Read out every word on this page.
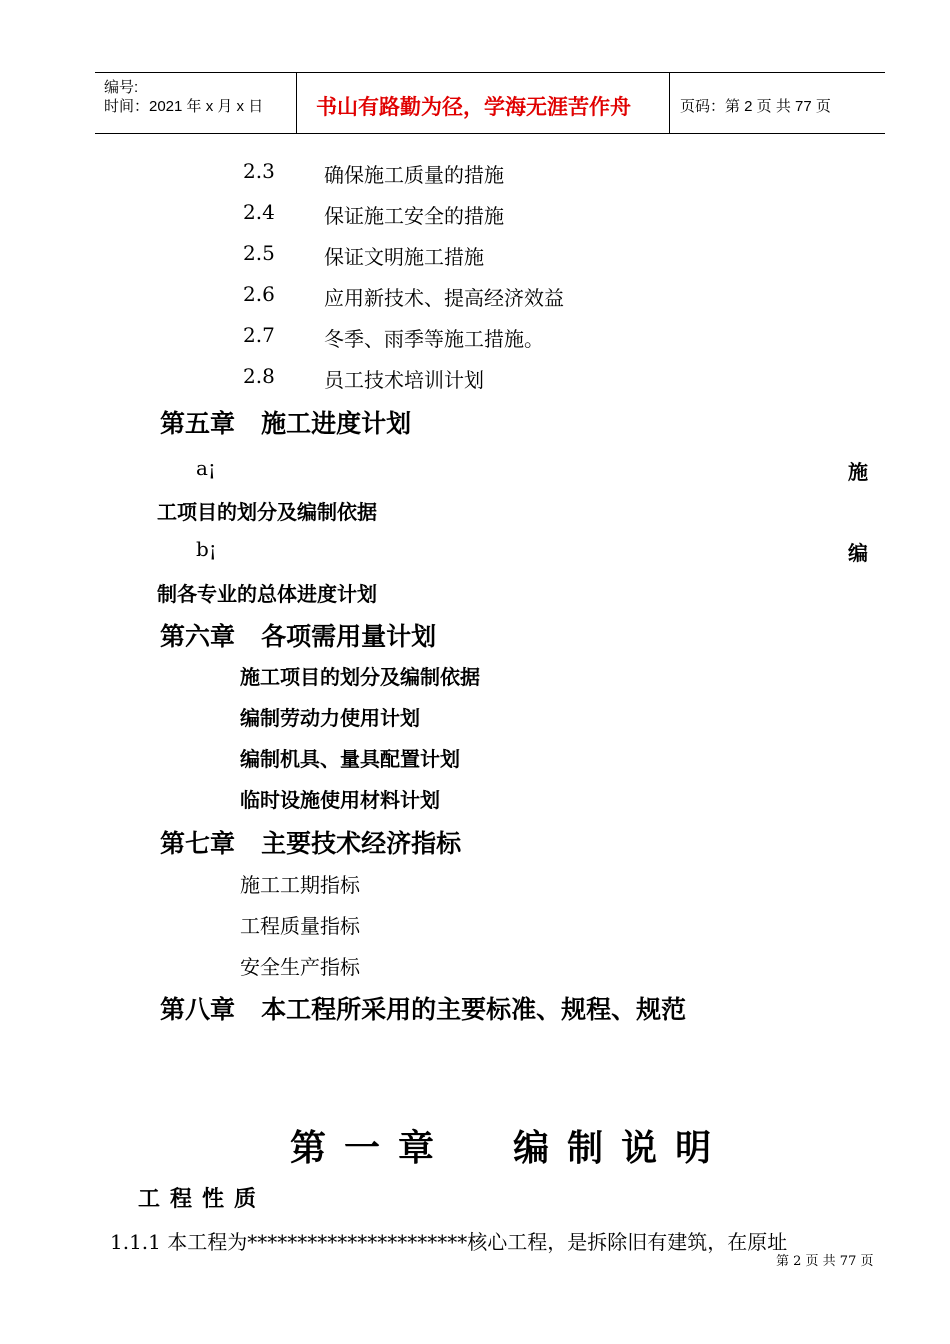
编号:
时间：2021 年 x 月 x 日	书山有路勤为径，学海无涯苦作舟	页码：第 2 页 共 77 页
2.3 确保施工质量的措施
2.4 保证施工安全的措施
2.5 保证文明施工措施
2.6 应用新技术、提高经济效益
2.7 冬季、雨季等施工措施。
2.8 员工技术培训计划
第五章   施工进度计划
a¡	施
工项目的划分及编制依据
b¡	编
制各专业的总体进度计划
第六章   各项需用量计划
施工项目的划分及编制依据
编制劳动力使用计划
编制机具、量具配置计划
临时设施使用材料计划
第七章   主要技术经济指标
施工工期指标
工程质量指标
安全生产指标
第八章   本工程所采用的主要标准、规程、规范
第一章  编制说明
工程性质
1.1.1 本工程为**********************核心工程，是拆除旧有建筑，在原址
第 2 页 共 77 页
